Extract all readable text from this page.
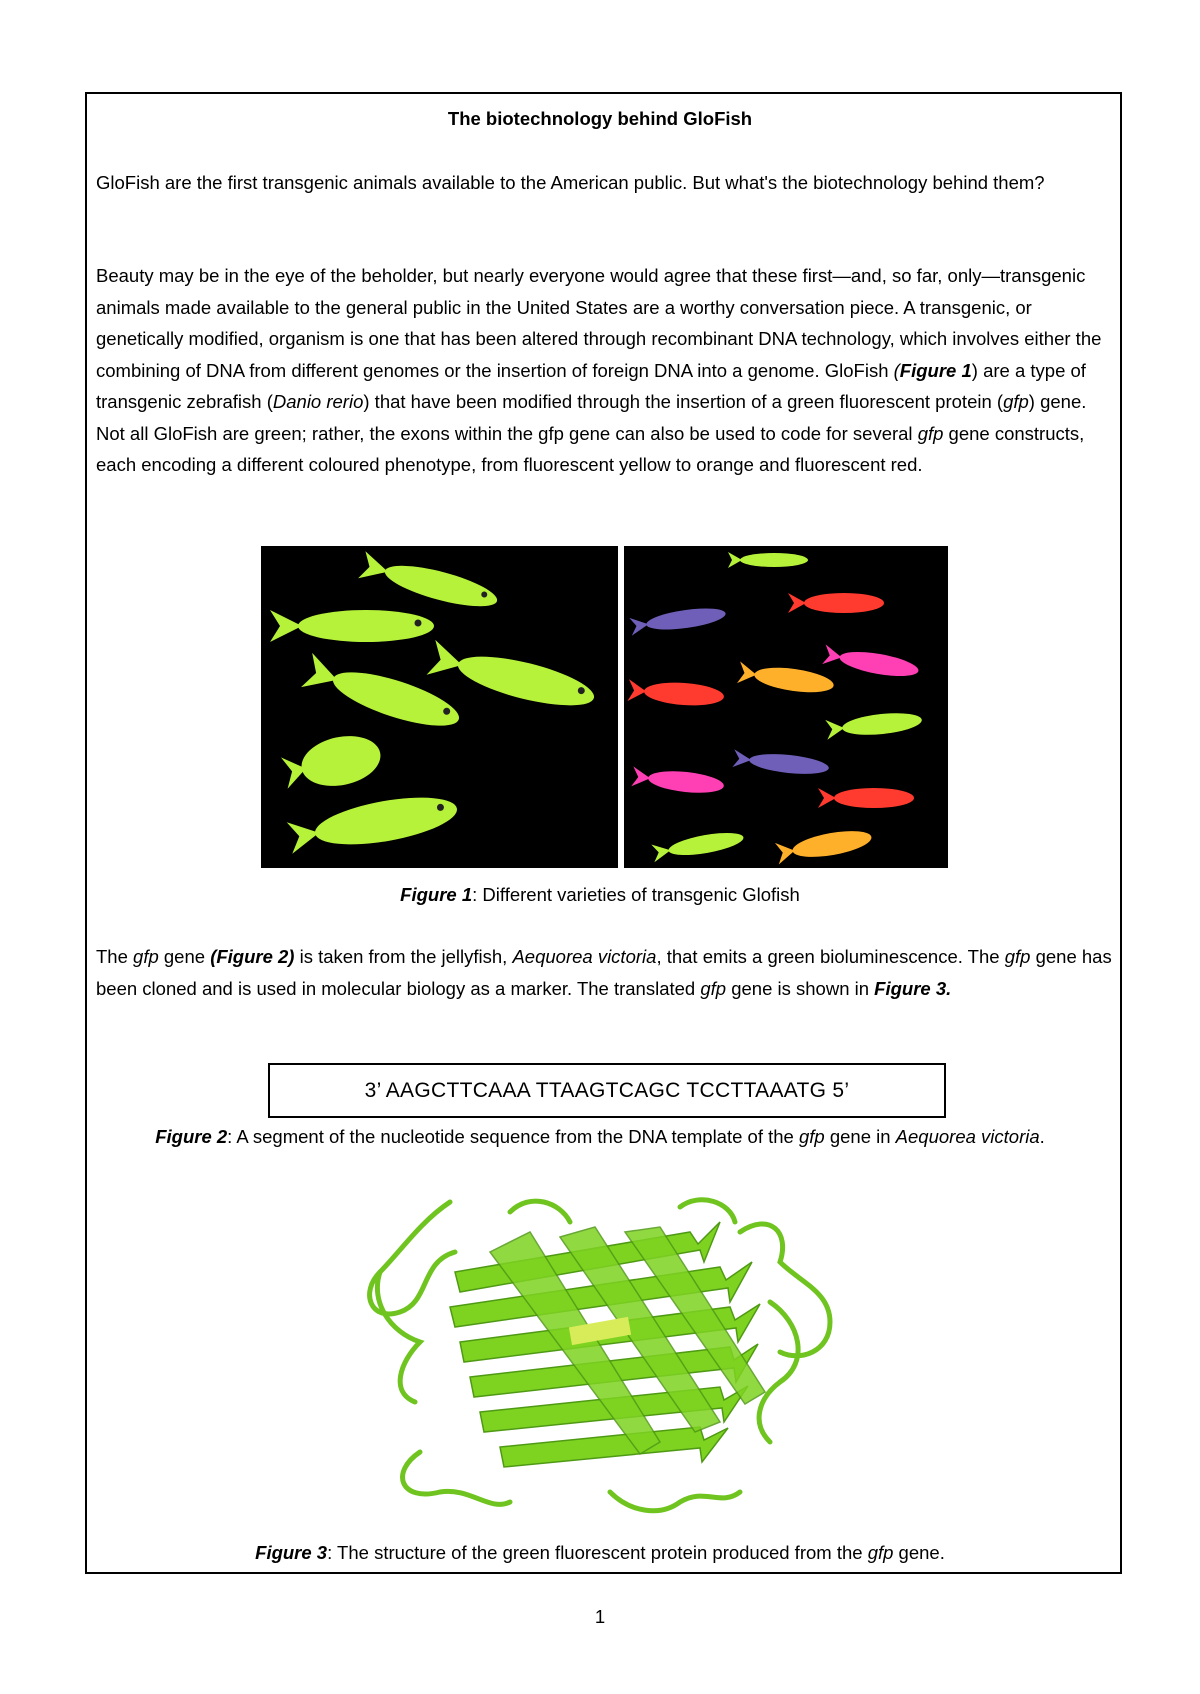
The biotechnology behind GloFish

GloFish are the first transgenic animals available to the American public. But what's the biotechnology behind them?

Beauty may be in the eye of the beholder, but nearly everyone would agree that these first—and, so far, only—transgenic animals made available to the general public in the United States are a worthy conversation piece. A transgenic, or genetically modified, organism is one that has been altered through recombinant DNA technology, which involves either the combining of DNA from different genomes or the insertion of foreign DNA into a genome. GloFish (Figure 1) are a type of transgenic zebrafish (Danio rerio) that have been modified through the insertion of a green fluorescent protein (gfp) gene. Not all GloFish are green; rather, the exons within the gfp gene can also be used to code for several gfp gene constructs, each encoding a different coloured phenotype, from fluorescent yellow to orange and fluorescent red.

Figure 1: Different varieties of transgenic Glofish

The gfp gene (Figure 2) is taken from the jellyfish, Aequorea victoria, that emits a green bioluminescence. The gfp gene has been cloned and is used in molecular biology as a marker. The translated gfp gene is shown in Figure 3.

3’ AAGCTTCAAA TTAAGTCAGC TCCTTAAATG 5’
Figure 2: A segment of the nucleotide sequence from the DNA template of the gfp gene in Aequorea victoria.
Figure 3: The structure of the green fluorescent protein produced from the gfp gene.
1
